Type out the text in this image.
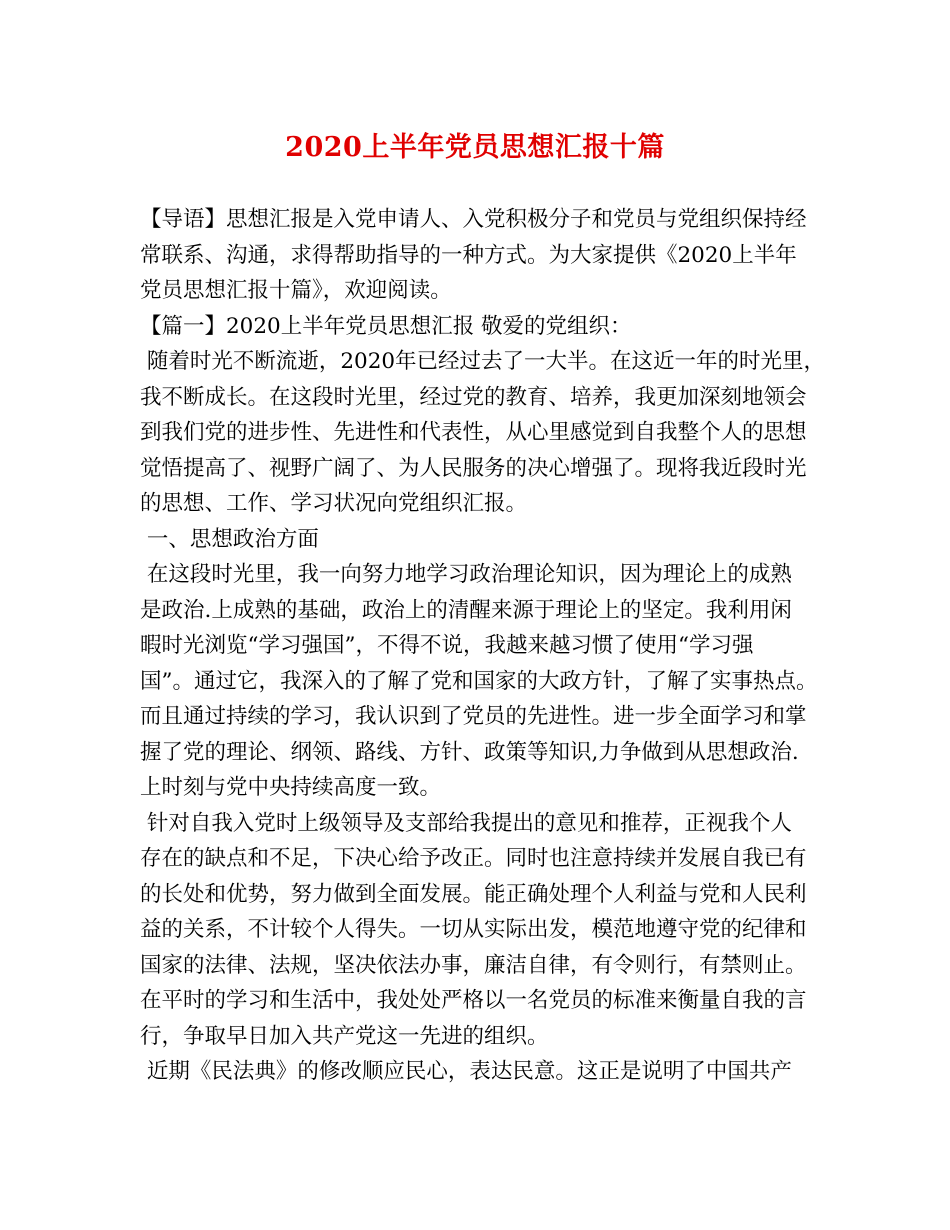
2020上半年党员思想汇报十篇
【导语】思想汇报是入党申请人、入党积极分子和党员与党组织保持经
常联系、沟通，求得帮助指导的一种方式。为大家提供《2020上半年
党员思想汇报十篇》，欢迎阅读。
【篇一】2020上半年党员思想汇报 敬爱的党组织：
随着时光不断流逝，2020年已经过去了一大半。在这近一年的时光里，
我不断成长。在这段时光里，经过党的教育、培养，我更加深刻地领会
到我们党的进步性、先进性和代表性，从心里感觉到自我整个人的思想
觉悟提高了、视野广阔了、为人民服务的决心增强了。现将我近段时光
的思想、工作、学习状况向党组织汇报。
一、思想政治方面
在这段时光里，我一向努力地学习政治理论知识，因为理论上的成熟
是政治.上成熟的基础，政治上的清醒来源于理论上的坚定。我利用闲
暇时光浏览“学习强国”，不得不说，我越来越习惯了使用“学习强
国”。通过它，我深入的了解了党和国家的大政方针，了解了实事热点。
而且通过持续的学习，我认识到了党员的先进性。进一步全面学习和掌
握了党的理论、纲领、路线、方针、政策等知识,力争做到从思想政治.
上时刻与党中央持续高度一致。
针对自我入党时上级领导及支部给我提出的意见和推荐，正视我个人
存在的缺点和不足，下决心给予改正。同时也注意持续并发展自我已有
的长处和优势，努力做到全面发展。能正确处理个人利益与党和人民利
益的关系，不计较个人得失。一切从实际出发，模范地遵守党的纪律和
国家的法律、法规，坚决依法办事，廉洁自律，有令则行，有禁则止。
在平时的学习和生活中，我处处严格以一名党员的标准来衡量自我的言
行，争取早日加入共产党这一先进的组织。
近期《民法典》的修改顺应民心，表达民意。这正是说明了中国共产
